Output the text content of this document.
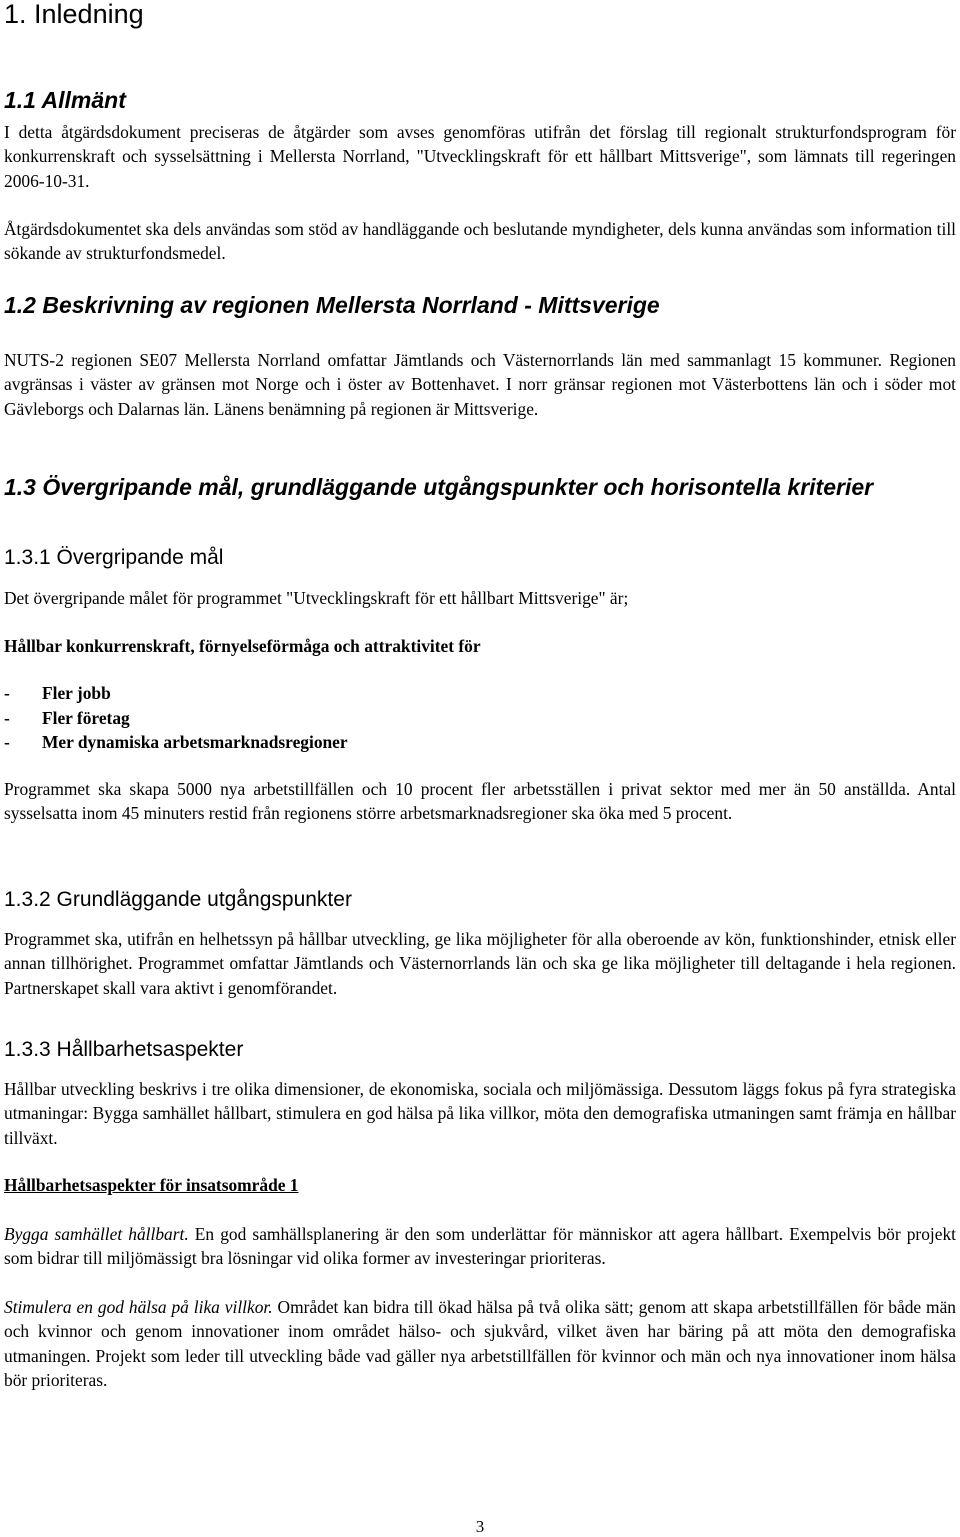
1. Inledning
1.1 Allmänt
I detta åtgärdsdokument preciseras de åtgärder som avses genomföras utifrån det förslag till regionalt strukturfondsprogram för konkurrenskraft och sysselsättning i Mellersta Norrland, "Utvecklingskraft för ett hållbart Mittsverige", som lämnats till regeringen 2006-10-31.
Åtgärdsdokumentet ska dels användas som stöd av handläggande och beslutande myndigheter, dels kunna användas som information till sökande av strukturfondsmedel.
1.2 Beskrivning av regionen Mellersta Norrland - Mittsverige
NUTS-2 regionen SE07 Mellersta Norrland omfattar Jämtlands och Västernorrlands län med sammanlagt 15 kommuner. Regionen avgränsas i väster av gränsen mot Norge och i öster av Bottenhavet. I norr gränsar regionen mot Västerbottens län och i söder mot Gävleborgs och Dalarnas län. Länens benämning på regionen är Mittsverige.
1.3 Övergripande mål, grundläggande utgångspunkter och horisontella kriterier
1.3.1 Övergripande mål
Det övergripande målet för programmet "Utvecklingskraft för ett hållbart Mittsverige" är;
Hållbar konkurrenskraft, förnyelseförmåga och attraktivitet för
-	Fler jobb
-	Fler företag
-	Mer dynamiska arbetsmarknadsregioner
Programmet ska skapa 5000 nya arbetstillfällen och 10 procent fler arbetsställen i privat sektor med mer än 50 anställda. Antal sysselsatta inom 45 minuters restid från regionens större arbetsmarknadsregioner ska öka med 5 procent.
1.3.2 Grundläggande utgångspunkter
Programmet ska, utifrån en helhetssyn på hållbar utveckling, ge lika möjligheter för alla oberoende av kön, funktionshinder, etnisk eller annan tillhörighet. Programmet omfattar Jämtlands och Västernorrlands län och ska ge lika möjligheter till deltagande i hela regionen. Partnerskapet skall vara aktivt i genomförandet.
1.3.3 Hållbarhetsaspekter
Hållbar utveckling beskrivs i tre olika dimensioner, de ekonomiska, sociala och miljömässiga. Dessutom läggs fokus på fyra strategiska utmaningar: Bygga samhället hållbart, stimulera en god hälsa på lika villkor, möta den demografiska utmaningen samt främja en hållbar tillväxt.
Hållbarhetsaspekter för insatsområde 1
Bygga samhället hållbart. En god samhällsplanering är den som underlättar för människor att agera hållbart. Exempelvis bör projekt som bidrar till miljömässigt bra lösningar vid olika former av investeringar prioriteras.
Stimulera en god hälsa på lika villkor. Området kan bidra till ökad hälsa på två olika sätt; genom att skapa arbetstillfällen för både män och kvinnor och genom innovationer inom området hälso- och sjukvård, vilket även har bäring på att möta den demografiska utmaningen. Projekt som leder till utveckling både vad gäller nya arbetstillfällen för kvinnor och män och nya innovationer inom hälsa bör prioriteras.
3
